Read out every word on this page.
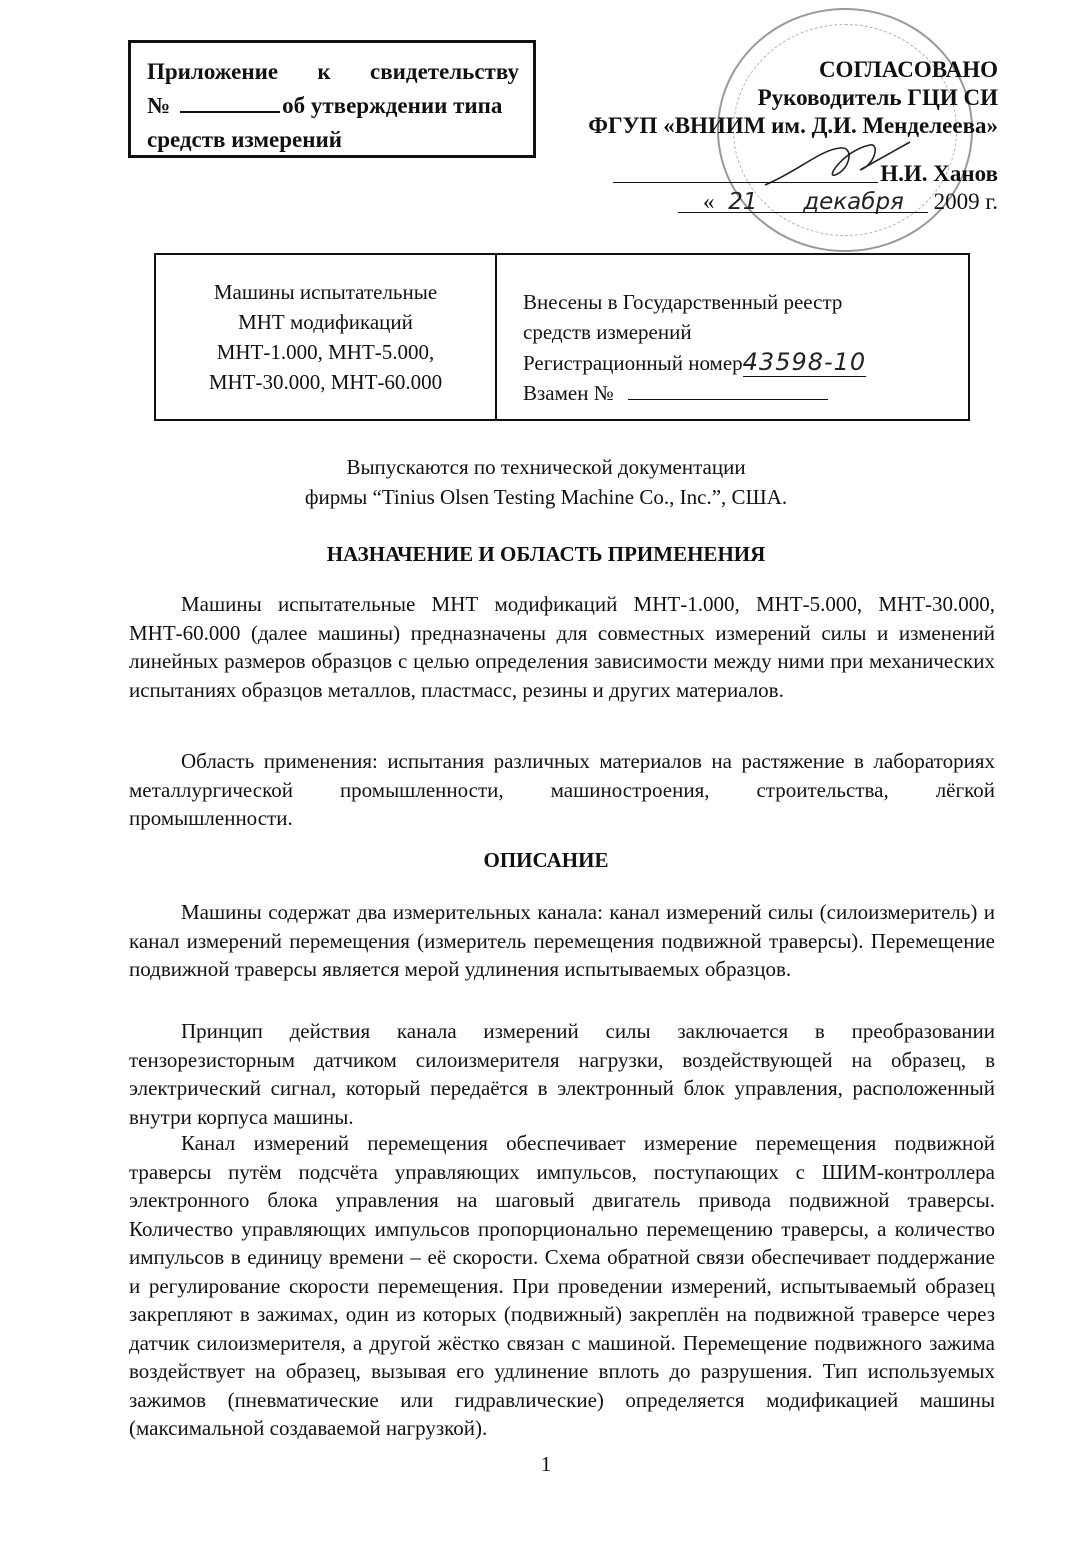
Приложение к свидетельству
№	об утверждении типа
средств измерений
СОГЛАСОВАНО
Руководитель ГЦИ СИ
ФГУП «ВНИИМ им. Д.И. Менделеева»
Н.И. Ханов
« 21 декабря 2009 г.
Машины испытательные
МНТ модификаций
МНТ-1.000, МНТ-5.000,
МНТ-30.000, МНТ-60.000
Внесены в Государственный реестр
средств измерений
Регистрационный номер43598-10
Взамен №
Выпускаются по технической документации
фирмы “Tinius Olsen Testing Machine Co., Inc.”, США.
НАЗНАЧЕНИЕ И ОБЛАСТЬ ПРИМЕНЕНИЯ
Машины испытательные МНТ модификаций МНТ-1.000, МНТ-5.000, МНТ-30.000, МНТ-60.000 (далее машины) предназначены для совместных измерений силы и изменений линейных размеров образцов с целью определения зависимости между ними при механических испытаниях образцов металлов, пластмасс, резины и других материалов.
Область применения: испытания различных материалов на растяжение в лабораториях металлургической промышленности, машиностроения, строительства, лёгкой промышленности.
ОПИСАНИЕ
Машины содержат два измерительных канала: канал измерений силы (силоизмеритель) и канал измерений перемещения (измеритель перемещения подвижной траверсы). Перемещение подвижной траверсы является мерой удлинения испытываемых образцов.
Принцип действия канала измерений силы заключается в преобразовании тензорезисторным датчиком силоизмерителя нагрузки, воздействующей на образец, в электрический сигнал, который передаётся в электронный блок управления, расположенный внутри корпуса машины.
Канал измерений перемещения обеспечивает измерение перемещения подвижной траверсы путём подсчёта управляющих импульсов, поступающих с ШИМ-контроллера электронного блока управления на шаговый двигатель привода подвижной траверсы. Количество управляющих импульсов пропорционально перемещению траверсы, а количество импульсов в единицу времени – её скорости. Схема обратной связи обеспечивает поддержание и регулирование скорости перемещения. При проведении измерений, испытываемый образец закрепляют в зажимах, один из которых (подвижный) закреплён на подвижной траверсе через датчик силоизмерителя, а другой жёстко связан с машиной. Перемещение подвижного зажима воздействует на образец, вызывая его удлинение вплоть до разрушения. Тип используемых зажимов (пневматические или гидравлические) определяется модификацией машины (максимальной создаваемой нагрузкой).
1
